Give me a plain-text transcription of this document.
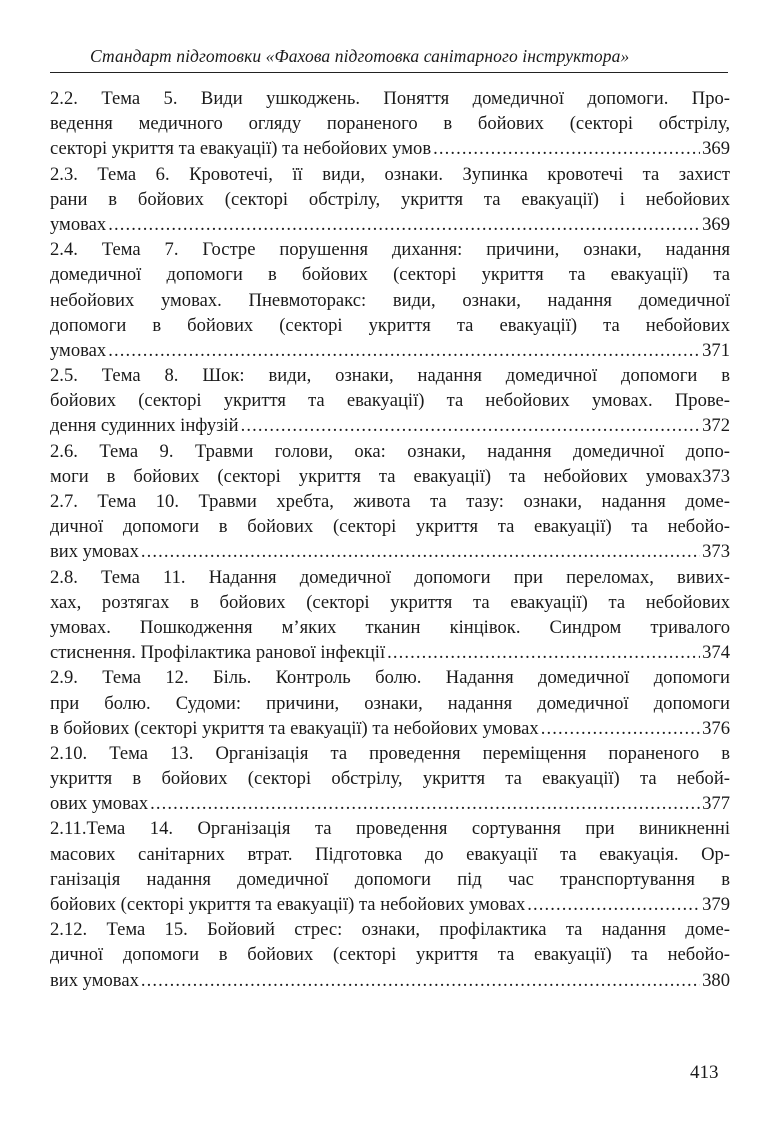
Стандарт підготовки «Фахова підготовка санітарного інструктора»
2.2. Тема 5. Види ушкоджень. Поняття домедичної допомоги. Про-
ведення медичного огляду пораненого в бойових (секторі обстрілу,
секторі укриття та евакуації) та небойових умов .....	369
2.3. Тема 6. Кровотечі, її види, ознаки. Зупинка кровотечі та захист
рани в бойових (секторі обстрілу, укриття та евакуації) і небойових
умовах .....	369
2.4. Тема 7. Гостре порушення дихання: причини, ознаки, надання
домедичної допомоги в бойових (секторі укриття та евакуації) та
небойових умовах. Пневмоторакс: види, ознаки, надання домедичної
допомоги в бойових (секторі укриття та евакуації) та небойових
умовах .....	371
2.5. Тема 8. Шок: види, ознаки, надання домедичної допомоги в
бойових (секторі укриття та евакуації) та небойових умовах. Прове-
дення судинних інфузій .....	372
2.6. Тема 9. Травми голови, ока: ознаки, надання домедичної допо-
моги в бойових (секторі укриття та евакуації) та небойових умовах373
2.7. Тема 10. Травми хребта, живота та тазу: ознаки, надання доме-
дичної допомоги в бойових (секторі укриття та евакуації) та небойо-
вих умовах .....	373
2.8. Тема 11. Надання домедичної допомоги при переломах, вивих-
хах, розтягах в бойових (секторі укриття та евакуації) та небойових
умовах. Пошкодження м’яких тканин кінцівок. Синдром тривалого
стиснення. Профілактика ранової інфекції .....	374
2.9. Тема 12. Біль. Контроль болю. Надання домедичної допомоги
при болю. Судоми: причини, ознаки, надання домедичної допомоги
в бойових (секторі укриття та евакуації) та небойових умовах .....	376
2.10. Тема 13. Організація та проведення переміщення пораненого в
укриття в бойових (секторі обстрілу, укриття та евакуації) та небой-
ових умовах .....	377
2.11.Тема 14. Організація та проведення сортування при виникненні
масових санітарних втрат. Підготовка до евакуації та евакуація. Ор-
ганізація надання домедичної допомоги під час транспортування в
бойових (секторі укриття та евакуації) та небойових умовах .....	379
2.12. Тема 15. Бойовий стрес: ознаки, профілактика та надання доме-
дичної допомоги в бойових (секторі укриття та евакуації) та небойо-
вих умовах .....	380
413
